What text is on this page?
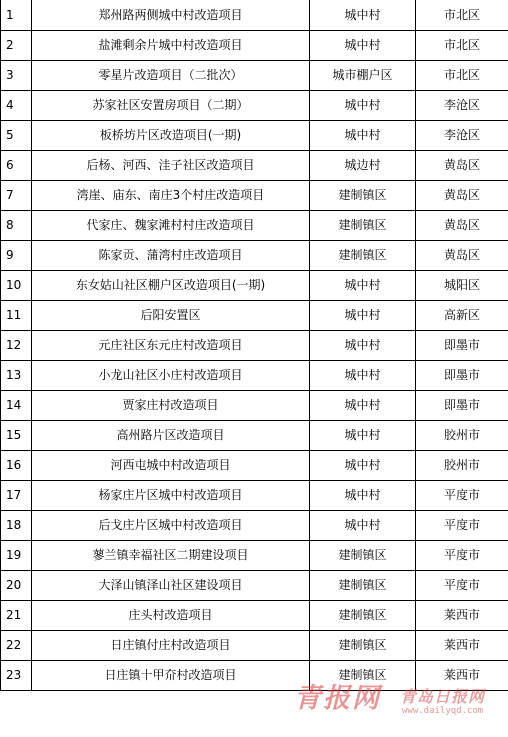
1	郑州路两侧城中村改造项目	城中村	市北区
2	盐滩剩余片城中村改造项目	城中村	市北区
3	零星片改造项目（二批次）	城市棚户区	市北区
4	苏家社区安置房项目（二期）	城中村	李沧区
5	板桥坊片区改造项目(一期)	城中村	李沧区
6	后杨、河西、洼子社区改造项目	城边村	黄岛区
7	湾崖、庙东、南庄3个村庄改造项目	建制镇区	黄岛区
8	代家庄、魏家滩村村庄改造项目	建制镇区	黄岛区
9	陈家贡、蒲湾村庄改造项目	建制镇区	黄岛区
10	东女姑山社区棚户区改造项目(一期)	城中村	城阳区
11	后阳安置区	城中村	高新区
12	元庄社区东元庄村改造项目	城中村	即墨市
13	小龙山社区小庄村改造项目	城中村	即墨市
14	贾家庄村改造项目	城中村	即墨市
15	高州路片区改造项目	城中村	胶州市
16	河西屯城中村改造项目	城中村	胶州市
17	杨家庄片区城中村改造项目	城中村	平度市
18	后戈庄片区城中村改造项目	城中村	平度市
19	蓼兰镇幸福社区二期建设项目	建制镇区	平度市
20	大泽山镇泽山社区建设项目	建制镇区	平度市
21	庄头村改造项目	建制镇区	莱西市
22	日庄镇付庄村改造项目	建制镇区	莱西市
23	日庄镇十甲夼村改造项目	建制镇区	莱西市
青报网 青岛日报网
www.dailyqd.com
